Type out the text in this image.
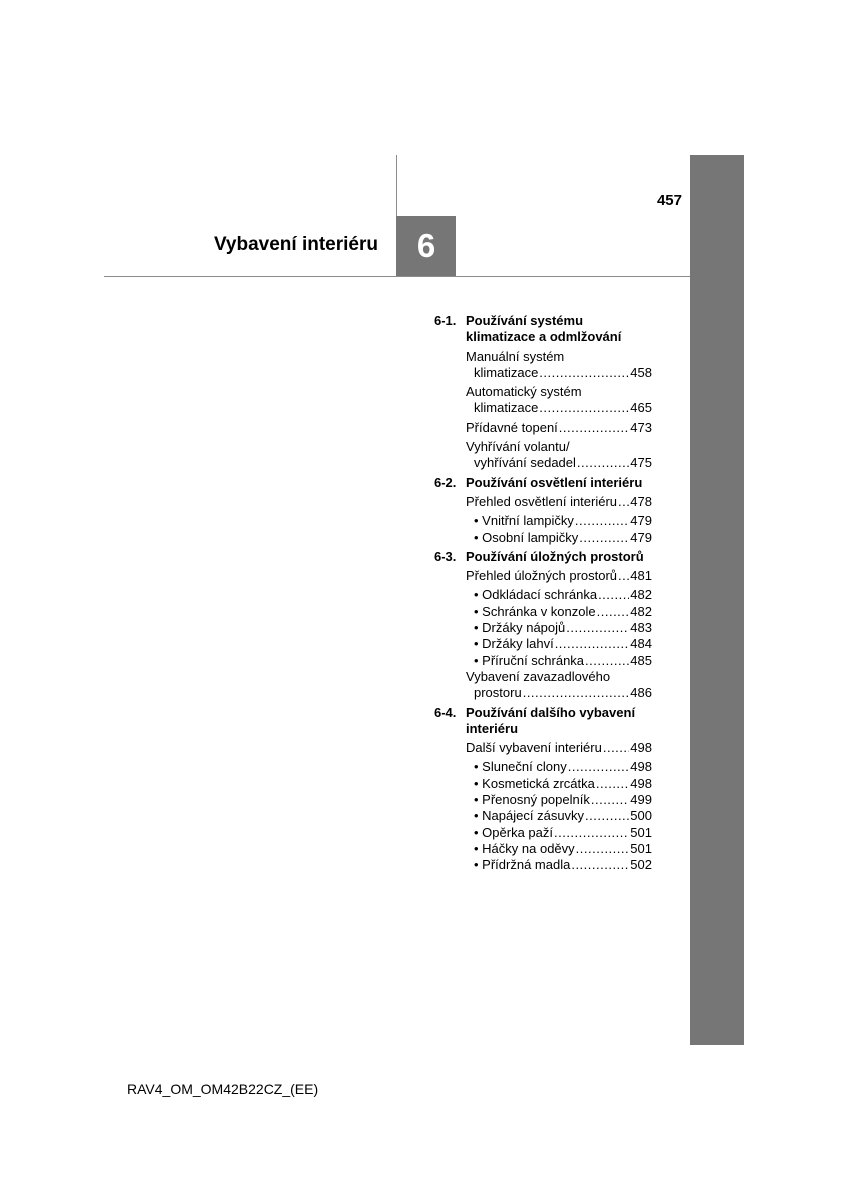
6
Vybavení interiéru
457
6-1. Používání systému klimatizace a odmlžování
Manuální systém
klimatizace .....	458
Automatický systém
klimatizace .....	465
Přídavné topení .....	473
Vyhřívání volantu/
vyhřívání sedadel .....	475
6-2. Používání osvětlení interiéru
Přehled osvětlení interiéru ..... 478
• Vnitřní lampičky .....	479
• Osobní lampičky .....	479
6-3. Používání úložných prostorů
Přehled úložných prostorů ..... 481
• Odkládací schránka .....	482
• Schránka v konzole .....	482
• Držáky nápojů .....	483
• Držáky lahví .....	484
• Příruční schránka .....	485
Vybavení zavazadlového
prostoru .....	486
6-4. Používání dalšího vybavení interiéru
Další vybavení interiéru ..... 498
• Sluneční clony .....	498
• Kosmetická zrcátka .....	498
• Přenosný popelník .....	499
• Napájecí zásuvky .....	500
• Opěrka paží .....	501
• Háčky na oděvy .....	501
• Přídržná madla .....	502
RAV4_OM_OM42B22CZ_(EE)
